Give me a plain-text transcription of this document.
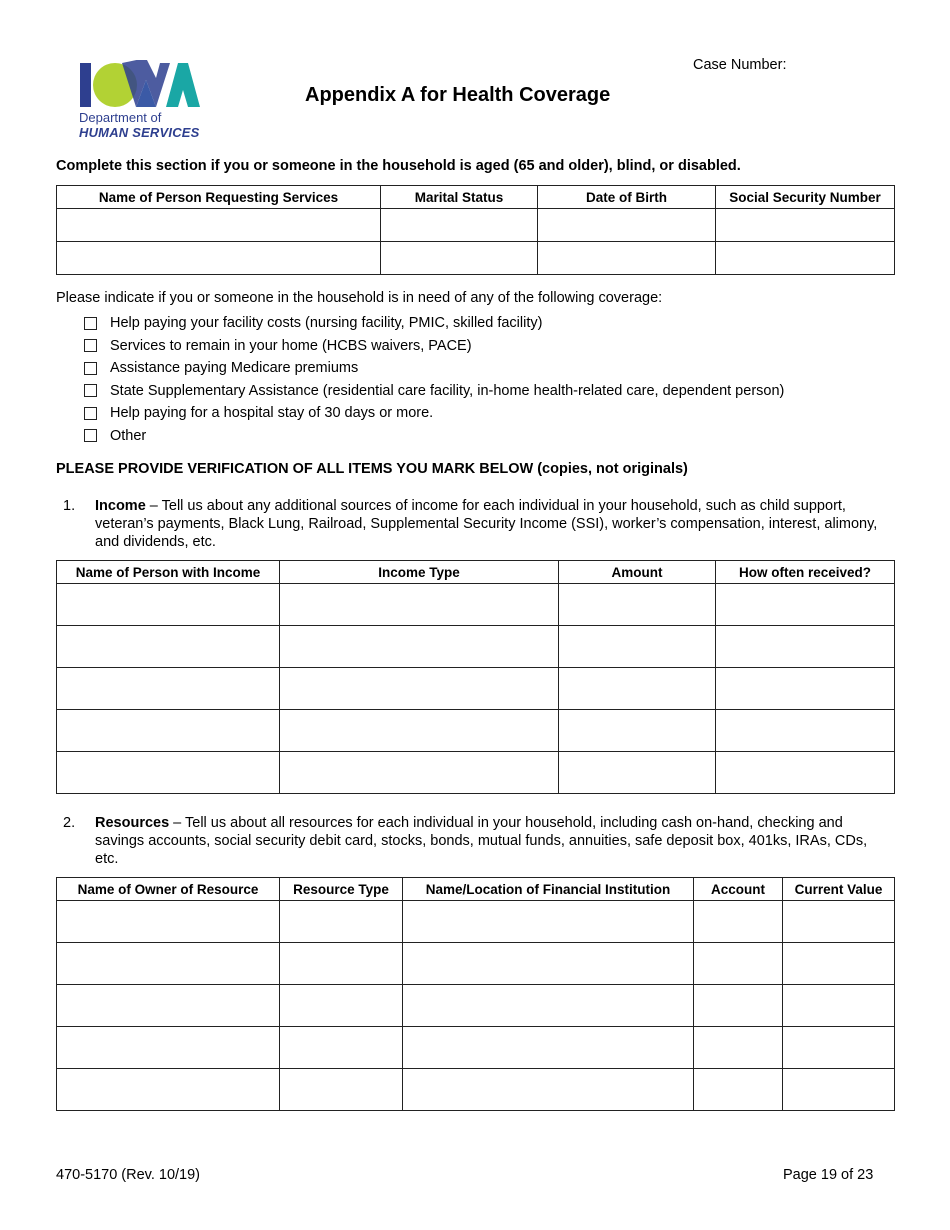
Department of
HUMAN SERVICES
Case Number:
Appendix A for Health Coverage
Complete this section if you or someone in the household is aged (65 and older), blind, or disabled.
Name of Person Requesting Services	Marital Status	Date of Birth	Social Security Number

Please indicate if you or someone in the household is in need of any of the following coverage:
Help paying your facility costs (nursing facility, PMIC, skilled facility)
Services to remain in your home (HCBS waivers, PACE)
Assistance paying Medicare premiums
State Supplementary Assistance (residential care facility, in-home health-related care, dependent person)
Help paying for a hospital stay of 30 days or more.
Other
PLEASE PROVIDE VERIFICATION OF ALL ITEMS YOU MARK BELOW (copies, not originals)
1. Income – Tell us about any additional sources of income for each individual in your household, such as child support, veteran’s payments, Black Lung, Railroad, Supplemental Security Income (SSI), worker’s compensation, interest, alimony, and dividends, etc.
Name of Person with Income	Income Type	Amount	How often received?

2. Resources – Tell us about all resources for each individual in your household, including cash on-hand, checking and savings accounts, social security debit card, stocks, bonds, mutual funds, annuities, safe deposit box, 401ks, IRAs, CDs, etc.
Name of Owner of Resource	Resource Type	Name/Location of Financial Institution	Account	Current Value

470-5170 (Rev. 10/19)	Page 19 of 23
